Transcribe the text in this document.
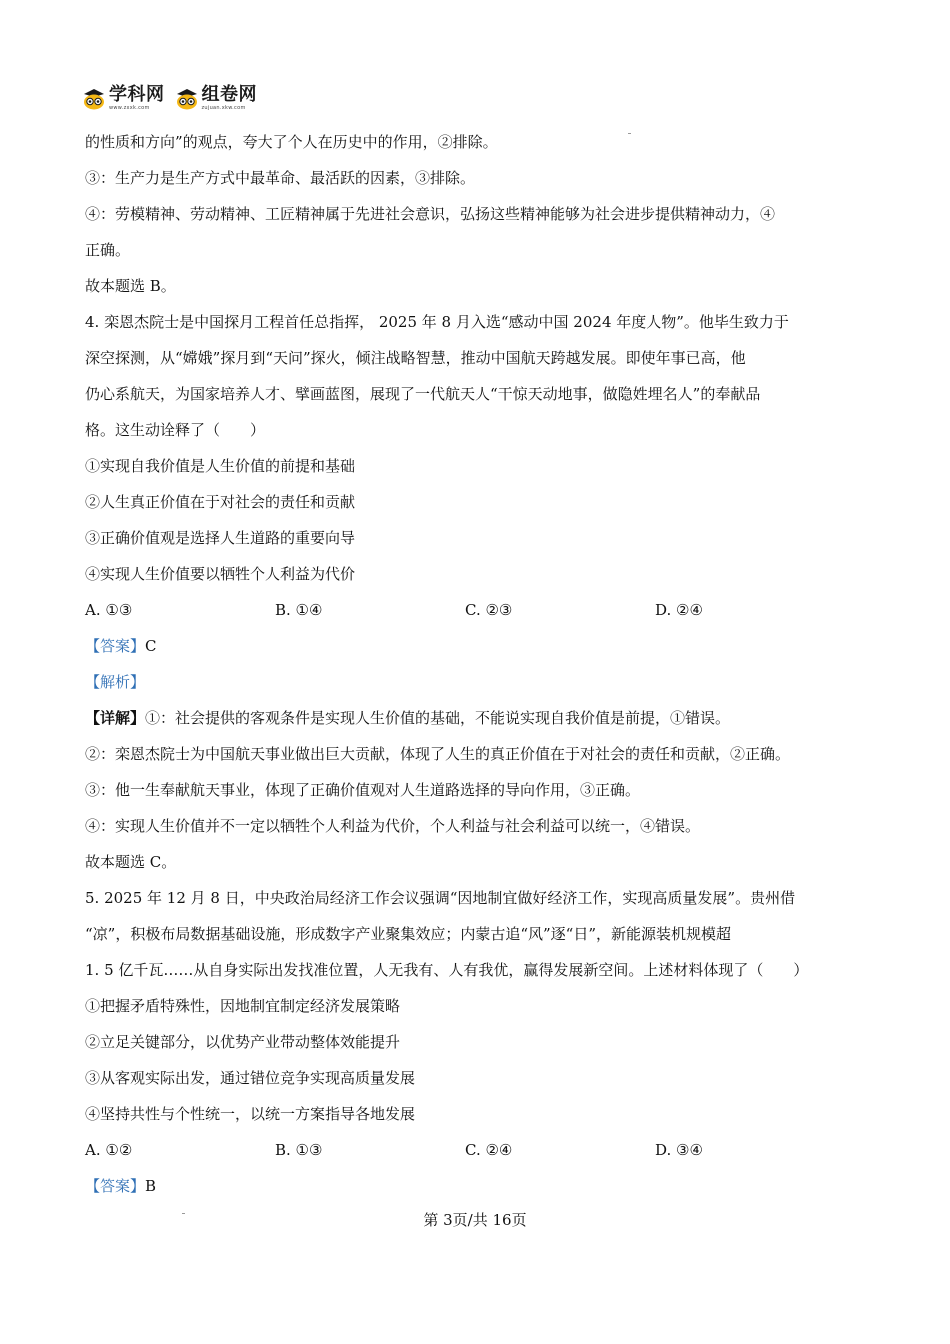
学科网
www.zxxk.com
组卷网
zujuan.xkw.com
的性质和方向”的观点，夸大了个人在历史中的作用，②排除。
③：生产力是生产方式中最革命、最活跃的因素，③排除。
④：劳模精神、劳动精神、工匠精神属于先进社会意识，弘扬这些精神能够为社会进步提供精神动力，④
正确。
故本题选 B。
4. 栾恩杰院士是中国探月工程首任总指挥， 2025 年 8 月入选“感动中国 2024 年度人物”。他毕生致力于
深空探测，从“嫦娥”探月到“天问”探火，倾注战略智慧，推动中国航天跨越发展。即使年事已高，他
仍心系航天，为国家培养人才、擘画蓝图，展现了一代航天人“干惊天动地事，做隐姓埋名人”的奉献品
格。这生动诠释了（　　）
①实现自我价值是人生价值的前提和基础
②人生真正价值在于对社会的责任和贡献
③正确价值观是选择人生道路的重要向导
④实现人生价值要以牺牲个人利益为代价
A. ①③	B. ①④	C. ②③	D. ②④
【答案】C
【解析】
【详解】①：社会提供的客观条件是实现人生价值的基础，不能说实现自我价值是前提，①错误。
②：栾恩杰院士为中国航天事业做出巨大贡献，体现了人生的真正价值在于对社会的责任和贡献，②正确。
③：他一生奉献航天事业，体现了正确价值观对人生道路选择的导向作用，③正确。
④：实现人生价值并不一定以牺牲个人利益为代价，个人利益与社会利益可以统一，④错误。
故本题选 C。
5. 2025 年 12 月 8 日，中央政治局经济工作会议强调“因地制宜做好经济工作，实现高质量发展”。贵州借
“凉”，积极布局数据基础设施，形成数字产业聚集效应；内蒙古追“风”逐“日”，新能源装机规模超
1. 5 亿千瓦……从自身实际出发找准位置，人无我有、人有我优，赢得发展新空间。上述材料体现了（　　）
①把握矛盾特殊性，因地制宜制定经济发展策略
②立足关键部分，以优势产业带动整体效能提升
③从客观实际出发，通过错位竞争实现高质量发展
④坚持共性与个性统一，以统一方案指导各地发展
A. ①②	B. ①③	C. ②④	D. ③④
【答案】B
第 3页/共 16页
